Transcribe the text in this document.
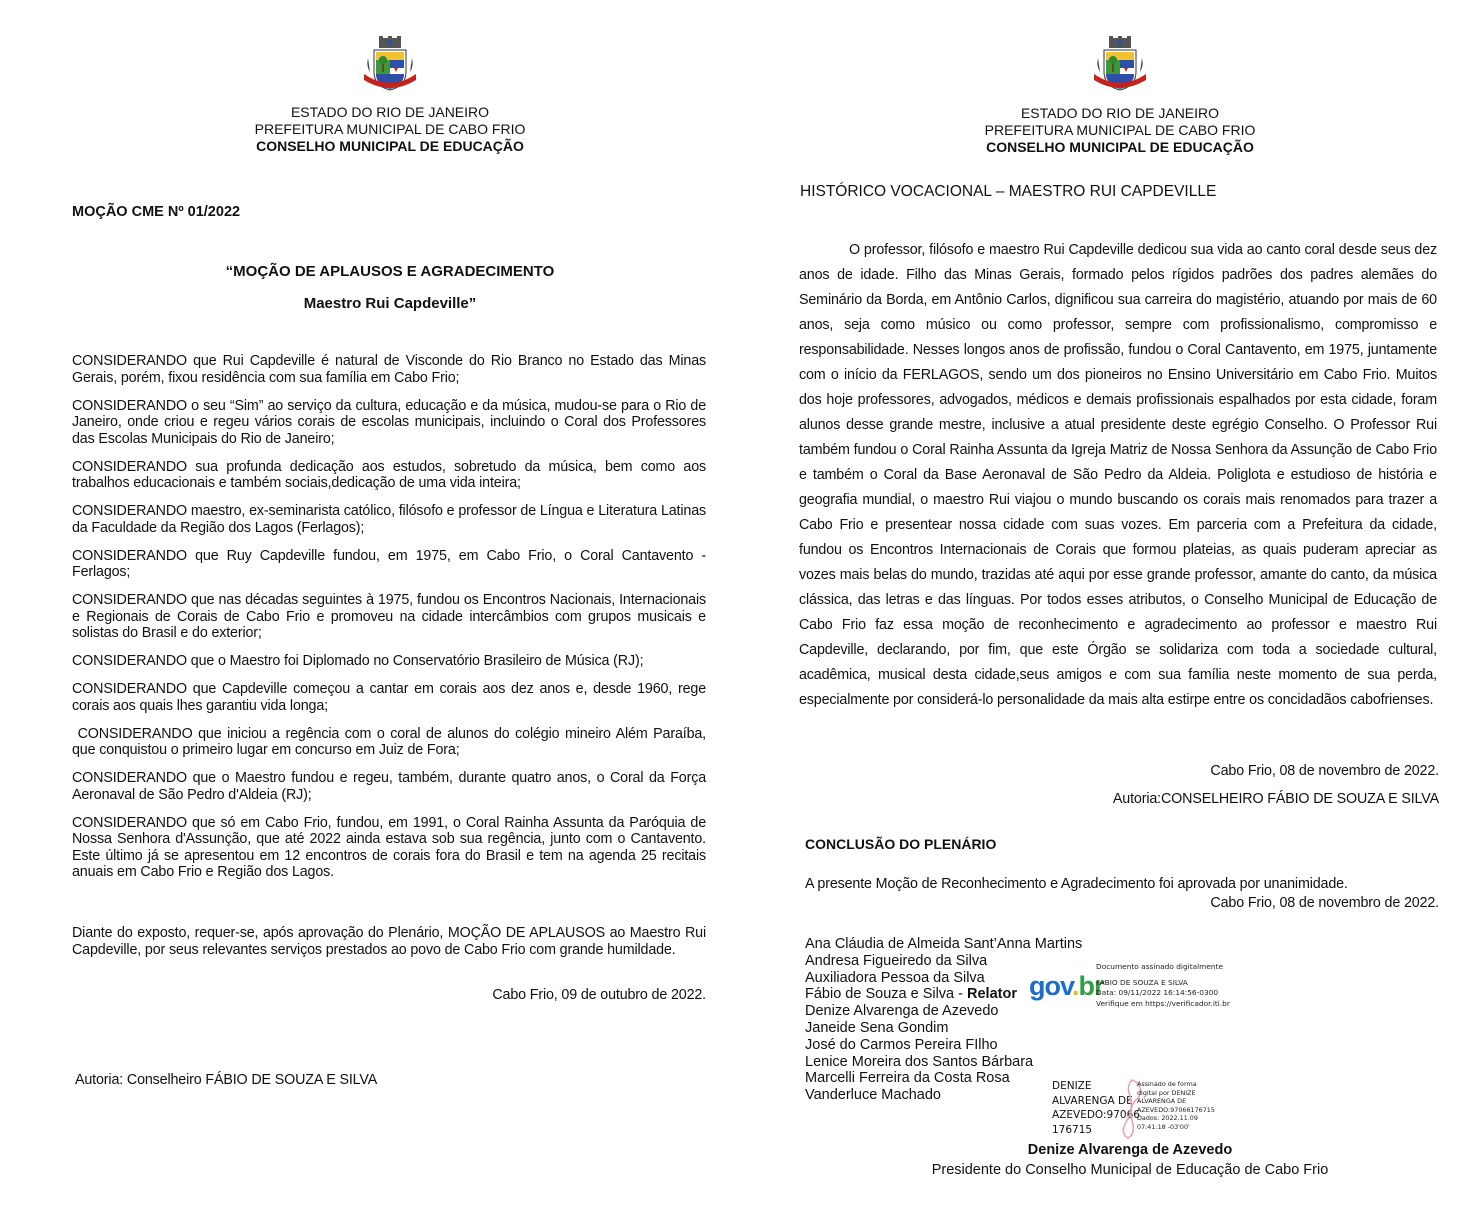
ESTADO DO RIO DE JANEIRO
PREFEITURA MUNICIPAL DE CABO FRIO
CONSELHO MUNICIPAL DE EDUCAÇÃO
MOÇÃO CME Nº 01/2022
“MOÇÃO DE APLAUSOS E AGRADECIMENTO
Maestro Rui Capdeville”

CONSIDERANDO que Rui Capdeville é natural de Visconde do Rio Branco no Estado das Minas Gerais, porém, fixou residência com sua família em Cabo Frio;

CONSIDERANDO o seu “Sim” ao serviço da cultura, educação e da música, mudou-se para o Rio de Janeiro, onde criou e regeu vários corais de escolas municipais, incluindo o Coral dos Professores das Escolas Municipais do Rio de Janeiro;

CONSIDERANDO sua profunda dedicação aos estudos, sobretudo da música, bem como aos trabalhos educacionais e também sociais,dedicação de uma vida inteira;

CONSIDERANDO maestro, ex-seminarista católico, filósofo e professor de Língua e Literatura Latinas da Faculdade da Região dos Lagos (Ferlagos);

CONSIDERANDO que Ruy Capdeville fundou, em 1975, em Cabo Frio, o Coral Cantavento - Ferlagos;

CONSIDERANDO que nas décadas seguintes à 1975, fundou os Encontros Nacionais, Internacionais e Regionais de Corais de Cabo Frio e promoveu na cidade intercâmbios com grupos musicais e solistas do Brasil e do exterior;

CONSIDERANDO que o Maestro foi Diplomado no Conservatório Brasileiro de Música (RJ);

CONSIDERANDO que Capdeville começou a cantar em corais aos dez anos e, desde 1960, rege corais aos quais lhes garantiu vida longa;

CONSIDERANDO que iniciou a regência com o coral de alunos do colégio mineiro Além Paraíba, que conquistou o primeiro lugar em concurso em Juiz de Fora;

CONSIDERANDO que o Maestro fundou e regeu, também, durante quatro anos, o Coral da Força Aeronaval de São Pedro d'Aldeia (RJ);

CONSIDERANDO que só em Cabo Frio, fundou, em 1991, o Coral Rainha Assunta da Paróquia de Nossa Senhora d'Assunção, que até 2022 ainda estava sob sua regência, junto com o Cantavento. Este último já se apresentou em 12 encontros de corais fora do Brasil e tem na agenda 25 recitais anuais em Cabo Frio e Região dos Lagos.

Diante do exposto, requer-se, após aprovação do Plenário, MOÇÃO DE APLAUSOS ao Maestro Rui Capdeville, por seus relevantes serviços prestados ao povo de Cabo Frio com grande humildade.

Cabo Frio, 09 de outubro de 2022.
Autoria: Conselheiro FÁBIO DE SOUZA E SILVA
ESTADO DO RIO DE JANEIRO
PREFEITURA MUNICIPAL DE CABO FRIO
CONSELHO MUNICIPAL DE EDUCAÇÃO
HISTÓRICO VOCACIONAL – MAESTRO RUI CAPDEVILLE
O professor, filósofo e maestro Rui Capdeville dedicou sua vida ao canto coral desde seus dez anos de idade. Filho das Minas Gerais, formado pelos rígidos padrões dos padres alemães do Seminário da Borda, em Antônio Carlos, dignificou sua carreira do magistério, atuando por mais de 60 anos, seja como músico ou como professor, sempre com profissionalismo, compromisso e responsabilidade. Nesses longos anos de profissão, fundou o Coral Cantavento, em 1975, juntamente com o início da FERLAGOS, sendo um dos pioneiros no Ensino Universitário em Cabo Frio. Muitos dos hoje professores, advogados, médicos e demais profissionais espalhados por esta cidade, foram alunos desse grande mestre, inclusive a atual presidente deste egrégio Conselho. O Professor Rui também fundou o Coral Rainha Assunta da Igreja Matriz de Nossa Senhora da Assunção de Cabo Frio e também o Coral da Base Aeronaval de São Pedro da Aldeia. Poliglota e estudioso de história e geografia mundial, o maestro Rui viajou o mundo buscando os corais mais renomados para trazer a Cabo Frio e presentear nossa cidade com suas vozes. Em parceria com a Prefeitura da cidade, fundou os Encontros Internacionais de Corais que formou plateias, as quais puderam apreciar as vozes mais belas do mundo, trazidas até aqui por esse grande professor, amante do canto, da música clássica, das letras e das línguas. Por todos esses atributos, o Conselho Municipal de Educação de Cabo Frio faz essa moção de reconhecimento e agradecimento ao professor e maestro Rui Capdeville, declarando, por fim, que este Órgão se solidariza com toda a sociedade cultural, acadêmica, musical desta cidade,seus amigos e com sua família neste momento de sua perda, especialmente por considerá-lo personalidade da mais alta estirpe entre os concidadãos cabofrienses.
Cabo Frio, 08 de novembro de 2022.
Autoria:CONSELHEIRO FÁBIO DE SOUZA E SILVA
CONCLUSÃO DO PLENÁRIO
A presente Moção de Reconhecimento e Agradecimento foi aprovada por unanimidade.
Cabo Frio, 08 de novembro de 2022.
Ana Cláudia de Almeida Sant’Anna Martins
Andresa Figueiredo da Silva
Auxiliadora Pessoa da Silva
Fábio de Souza e Silva - Relator
Denize Alvarenga de Azevedo
Janeide Sena Gondim
José do Carmos Pereira FIlho
Lenice Moreira dos Santos Bárbara
Marcelli Ferreira da Costa Rosa
Vanderluce Machado
gov.br
Documento assinado digitalmente
FABIO DE SOUZA E SILVA
Data: 09/11/2022 16:14:56-0300
Verifique em https://verificador.iti.br
DENIZE
ALVARENGA DE
AZEVEDO:97066
176715
Assinado de forma
digital por DENIZE
ALVARENGA DE
AZEVEDO:97066176715
Dados: 2022.11.09
07:41:18 -03'00'
Denize Alvarenga de Azevedo
Presidente do Conselho Municipal de Educação de Cabo Frio
